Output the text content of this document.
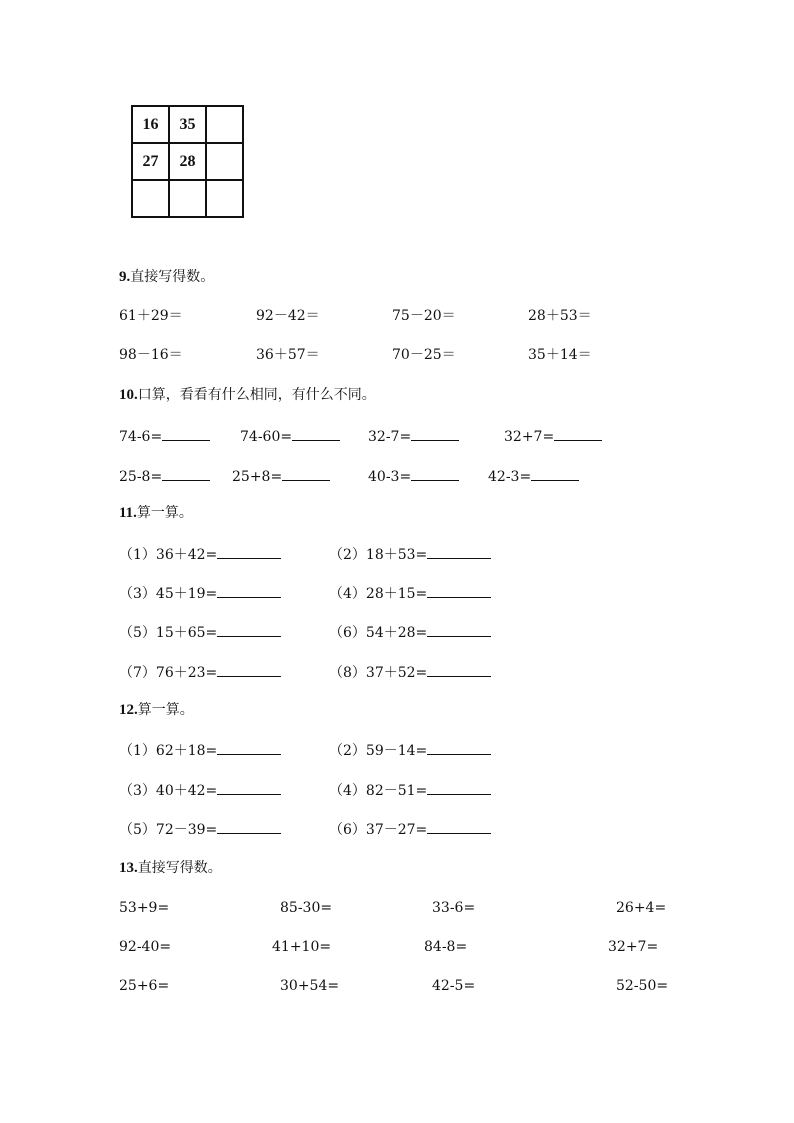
16	35	
27	28	

9.直接写得数。
61＋29＝	92－42＝	75－20＝	28＋53＝
98－16＝	36＋57＝	70－25＝	35＋14＝
10.口算，看看有什么相同，有什么不同。
74-6=	74-60=	32-7=	32+7=
25-8=	25+8=	40-3=	42-3=
11.算一算。
（1）36＋42=	（2）18＋53=
（3）45＋19=	（4）28＋15=
（5）15＋65=	（6）54＋28=
（7）76＋23=	（8）37＋52=
12.算一算。
（1）62＋18=	（2）59－14=
（3）40＋42=	（4）82－51=
（5）72－39=	（6）37－27=
13.直接写得数。
53+9=	85-30=	33-6=	26+4=
92-40=	41+10=	84-8=	32+7=
25+6=	30+54=	42-5=	52-50=
